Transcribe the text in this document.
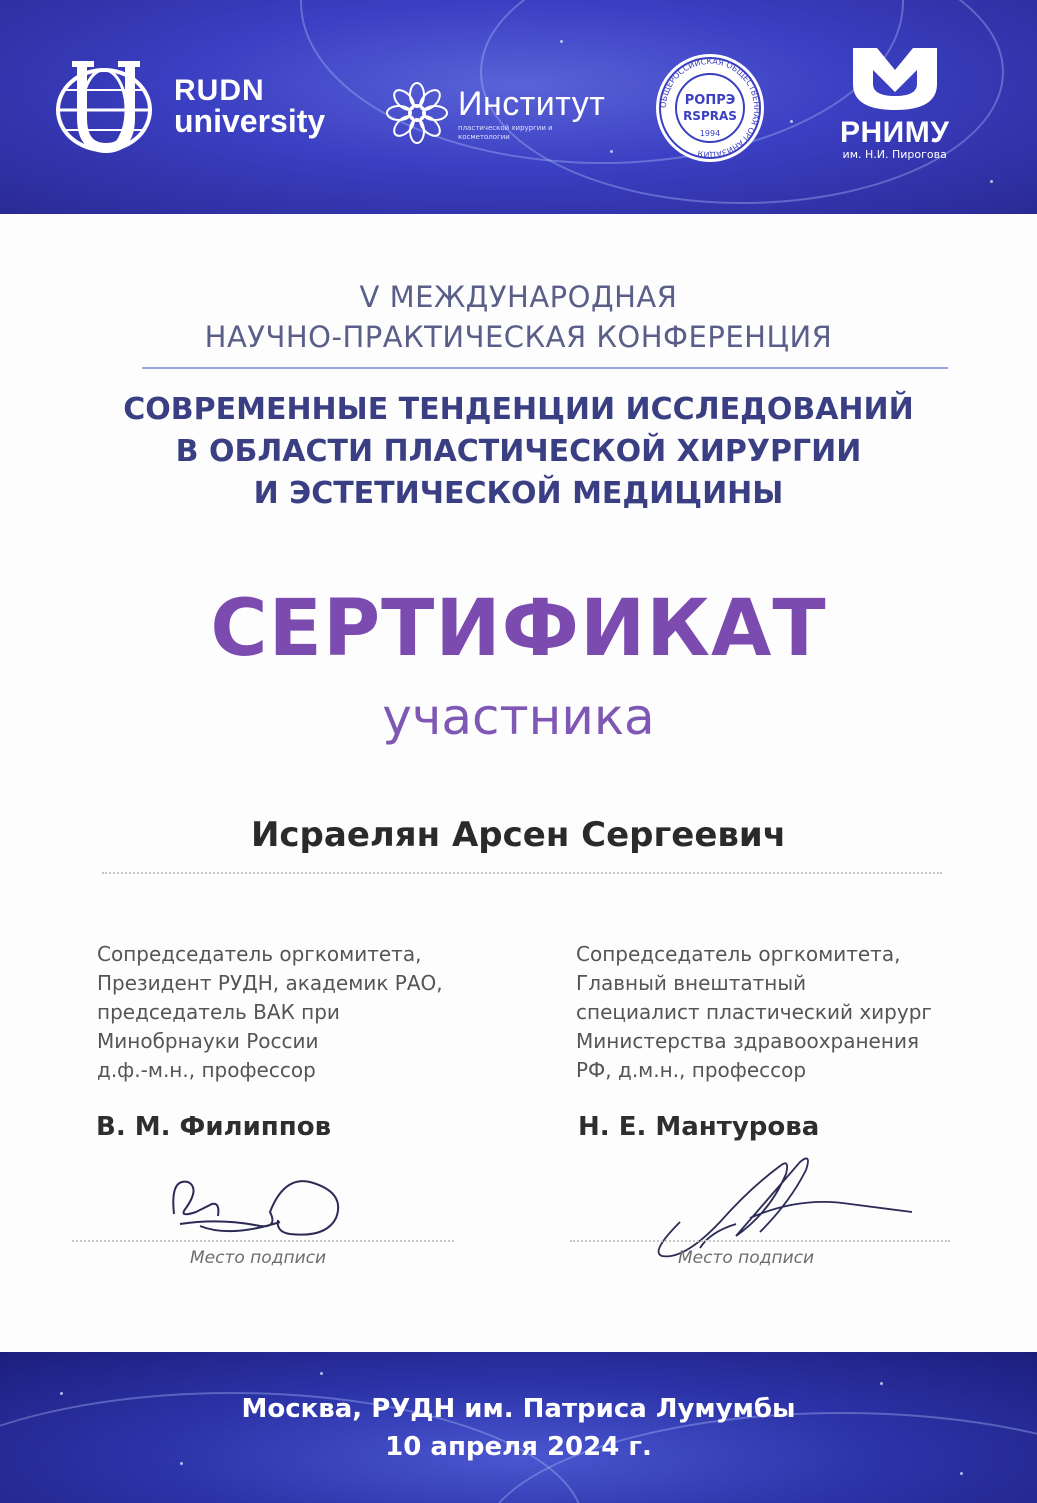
RUDN
university	Институт
пластической хирургии и косметологии
ОБЩЕРОССИЙСКАЯ ОБЩЕСТВЕННАЯ ОРГАНИЗАЦИЯ
РОПРЭ
RSPRAS
1994	РНИМУ
им. Н.И. Пирогова
V МЕЖДУНАРОДНАЯ
НАУЧНО-ПРАКТИЧЕСКАЯ КОНФЕРЕНЦИЯ
СОВРЕМЕННЫЕ ТЕНДЕНЦИИ ИССЛЕДОВАНИЙ
В ОБЛАСТИ ПЛАСТИЧЕСКОЙ ХИРУРГИИ
И ЭСТЕТИЧЕСКОЙ МЕДИЦИНЫ
СЕРТИФИКАТ
участника
Исраелян Арсен Сергеевич
Сопредседатель оргкомитета,
Президент РУДН, академик РАО,
председатель ВАК при
Минобрнауки России
д.ф.-м.н., профессор
В. М. Филиппов
Место подписи
Сопредседатель оргкомитета,
Главный внештатный
специалист пластический хирург
Министерства здравоохранения
РФ, д.м.н., профессор
Н. Е. Мантурова
Место подписи
Москва, РУДН им. Патриса Лумумбы
10 апреля 2024 г.
